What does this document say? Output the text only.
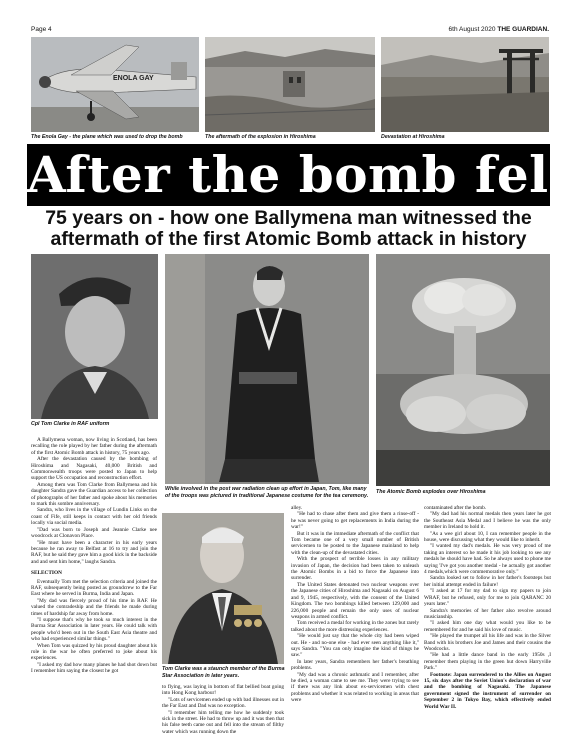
Page 4	6th August 2020 THE GUARDIAN.
ENOLA GAY
The Enola Gay - the plane which was used to drop the bomb	The aftermath of the explosion in Hiroshima	Devastation at Hiroshima
After the bomb fell
75 years on - how one Ballymena man witnessed the aftermath of the first Atomic Bomb attack in history
Cpl Tom Clarke in RAF uniform
While involved in the post war radiation clean up effort in Japan, Tom, like many of the troops was pictured in traditional Japanese costume for the tea ceremony.
The Atomic Bomb explodes over Hiroshima
Tom Clarke was a staunch member of the Burma Star Association in later years.

A Ballymena woman, now living in Scotland, has been recalling the role played by her father during the aftermath of the first Atomic Bomb attack in history, 75 years ago.

After the devastation caused by the bombing of Hiroshima and Nagasaki, 40,000 British and Commonwealth troops were posted to Japan to help support the US occupation and reconstruction effort.

Among them was Tom Clarke from Ballymena and his daughter Sandra gave the Guardian access to her collection of photographs of her father and spoke about his memories to mark this sombre anniversary.

Sandra, who lives in the village of Lundin Links on the coast of Fife, still keeps in contact with her old friends locally via social media.

"Dad was born to Joseph and Jeannie Clarke nee woodcock at Clonavon Place.

"He must have been a character in his early years because he ran away to Belfast at 16 to try and join the RAF, but he said they gave him a good kick in the backside and and sent him home," laughs Sandra.

SELECTION

Eventually Tom met the selection criteria and joined the RAF, subsequently being posted as groundcrew to the Far East where he served in Burma, India and Japan.

"My dad was fiercely proud of his time in RAF. He valued the comradeship and the friends he made during times of hardship far away from home.

"I suppose that's why he took so much interest in the Burma Star Association in later years. He could talk with people who'd been out in the South East Asia theatre and who had experienced similar things."

When Tom was quizzed by his proud daughter about his role in the war he often preferred to joke about his experiences.

"I asked my dad how many planes he had shot down but I remember him saying the closest he got

to flying, was laying in bottom of flat bellied boat going into Hong Kong harbour!

"Lots of servicemen ended up with bad illnesses out in the Far East and Dad was no exception.

"I remember him telling me how he suddenly took sick in the street. He had to throw up and it was then that his false teeth came out and fell into the stream of filthy water which was running down the

alley.

"He had to chase after them and give them a rinse-off - he was never going to get replacements in India during the war!"

But it was in the immediate aftermath of the conflict that Tom became one of a very small number of British servicemen to be posted to the Japanese mainland to help with the clean-up of the devastated cities.

With the prospect of terrible losses in any military invasion of Japan, the decision had been taken to unleash the Atomic Bombs in a bid to force the Japanese into surrender.

The United States detonated two nuclear weapons over the Japanese cities of Hiroshima and Nagasaki on August 6 and 9, 1945, respectively, with the consent of the United Kingdom. The two bombings killed between 129,000 and 226,000 people and remain the only uses of nuclear weapons in armed conflict.

Tom received a medal for working in the zones but rarely talked about the more distressing experiences.

"He would just say that the whole city had been wiped out. He - and no-one else - had ever seen anything like it," says Sandra. "You can only imagine the kind of things he saw."

In later years, Sandra remembers her father's breathing problems.

"My dad was a chronic asthmatic and I remember, after he died, a woman came to see me. They were trying to see if there was any link about ex-servicemen with chest problems and whether it was related to working in areas that were

contaminated after the bomb.

"My dad had his normal medals then years later he got the Southeast Asia Medal and I believe he was the only member in Ireland to hold it.

"As a wee girl about 10, I can remember people in the house, were discussing what they would like to inherit.

"I wanted my dad's medals. He was very proud of me taking an interest so he made it his job looking to see any medals he should have had. So he always used to phone me saying 'I've got you another medal - he actually got another 4 medals,which were commemorative only."

Sandra looked set to follow in her father's footsteps but her initial attempt ended in failure!

"I asked at 17 for my dad to sign my papers to join WRAF, but he refused, only for me to join QARANC 20 years later."

Sandra's memories of her father also revolve around musicianship.

"I asked him one day what would you like to be remembered for and he said his love of music.

"He played the trumpet all his life and was in the Silver Band with his brothers Joe and James and their cousins the Woodcocks.

"He had a little dance band in the early 1950s ,I remember them playing in the green hut down Harryville Park."

Footnote: Japan surrendered to the Allies on August 15, six days after the Soviet Union's declaration of war and the bombing of Nagasaki. The Japanese government signed the instrument of surrender on September 2 in Tokyo Bay, which effectively ended World War II.
